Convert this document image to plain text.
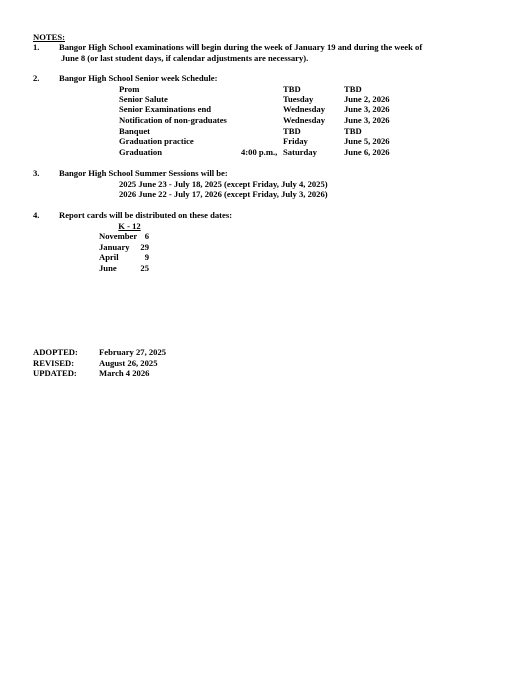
NOTES:
1. Bangor High School examinations will begin during the week of January 19 and during the week of
June 8 (or last student days, if calendar adjustments are necessary).
2. Bangor High School Senior week Schedule:
Prom	TBD	TBD
Senior Salute	Tuesday	June 2, 2026
Senior Examinations end	Wednesday June 3, 2026
Notification of non-graduates	Wednesday June 3, 2026
Banquet	TBD	TBD
Graduation practice	Friday	June 5, 2026
Graduation	4:00 p.m., Saturday	June 6, 2026
3. Bangor High School Summer Sessions will be:
2025 June 23 - July 18, 2025 (except Friday, July 4, 2025)
2026 June 22 - July 17, 2026 (except Friday, July 3, 2026)
4. Report cards will be distributed on these dates:
K - 12
November 6
January	29
April	9
June	25
ADOPTED: February 27, 2025
REVISED:	August 26, 2025
UPDATED:	March 4 2026
